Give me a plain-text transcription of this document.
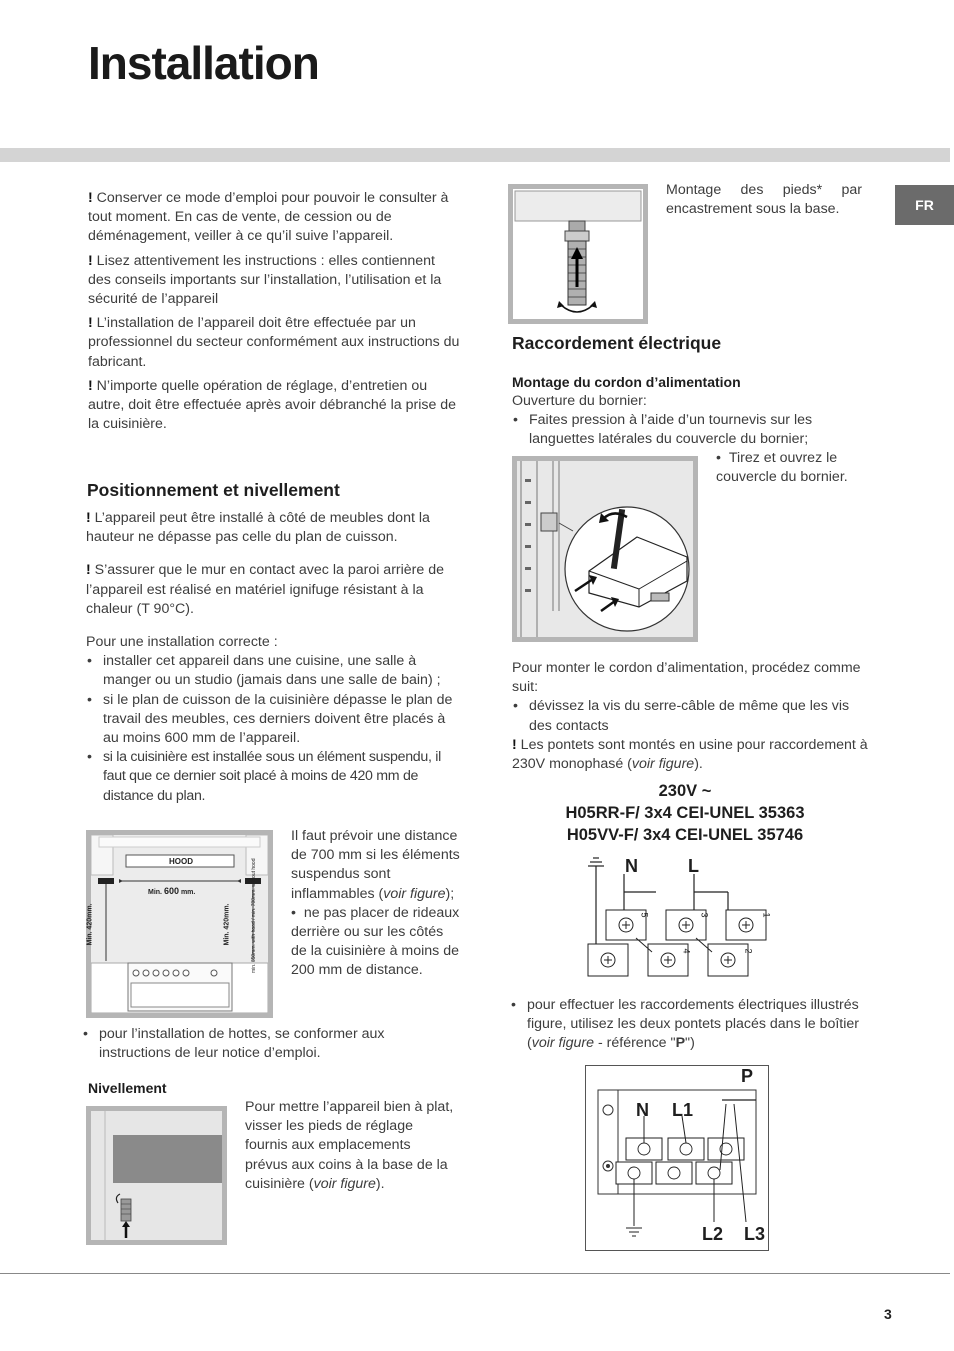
Installation
FR

! Conserver ce mode d’emploi pour pouvoir le consulter à tout moment. En cas de vente, de cession ou de déménagement, veiller à ce qu’il suive l’appareil.

! Lisez attentivement les instructions : elles contiennent des conseils importants sur l’installation, l’utilisation et la sécurité de l’appareil

! L’installation de l’appareil doit être effectuée par un professionnel du secteur conformément aux instructions du fabricant.

! N’importe quelle opération de réglage, d’entretien ou autre, doit être effectuée après avoir débranché la prise de la cuisinière.

Positionnement et nivellement

! L’appareil peut être installé à côté de meubles dont la hauteur ne dépasse pas celle du plan de cuisson.

! S’assurer que le mur en contact avec la paroi arrière de l’appareil est réalisé en matériel ignifuge résistant à la chaleur (T 90°C).

Pour une installation correcte :

• installer cet appareil dans une cuisine, une salle à manger ou un studio (jamais dans une salle de bain) ;
• si le plan de cuisson de la cuisinière dépasse le plan de travail des meubles, ces derniers doivent être placés à au moins 600 mm de l’appareil.
• si la cuisinière est installée sous un élément suspendu, il faut que ce dernier soit placé à moins de 420 mm de distance du plan.
HOOD
Min. 600 mm.
Min. 420mm.	Min. 420mm.	min. 650mm. with hood / min. 700mm. without hood

Il faut prévoir une distance de 700 mm si les éléments suspendus sont inflammables (voir figure);

•  ne pas placer de rideaux derrière ou sur les côtés de la cuisinière à moins de 200 mm de distance.

• pour l’installation de hottes, se conformer aux instructions de leur notice d’emploi.
Nivellement
Pour mettre l’appareil bien à plat, visser les pieds de réglage fournis aux emplacements prévus aux coins à la base de la cuisinière (voir figure).
Montage des pieds* par encastrement sous la base.
Raccordement électrique
Montage du cordon d’alimentation

Ouverture du bornier:

• Faites pression à l’aide d’un tournevis sur les languettes latérales du couvercle du bornier;

•  Tirez et ouvrez le couvercle du bornier.

Pour monter le cordon d’alimentation, procédez comme suit:

• dévissez la vis du serre-câble de même que les vis des contacts

! Les pontets sont montés en usine pour raccordement à 230V monophasé (voir figure).

230V ~
H05RR-F/ 3x4 CEI-UNEL 35363
H05VV-F/ 3x4 CEI-UNEL 35746
N	L
1
2
3
4
5
• pour effectuer les raccordements électriques illustrés figure, utilisez les deux pontets placés dans le boîtier (voir figure - référence "P")
P
N L1
L2 L3
3
